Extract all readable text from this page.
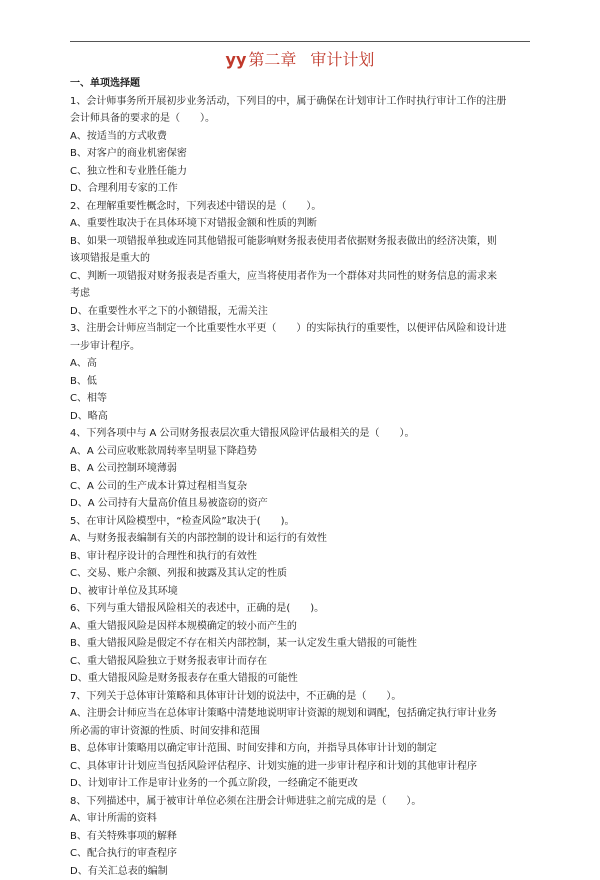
yy 第二章 审计计划
一、单项选择题
1、会计师事务所开展初步业务活动，下列目的中，属于确保在计划审计工作时执行审计工作的注册
会计师具备的要求的是（　　）。
A、按适当的方式收费
B、对客户的商业机密保密
C、独立性和专业胜任能力
D、合理利用专家的工作
2、在理解重要性概念时，下列表述中错误的是（　　）。
A、重要性取决于在具体环境下对错报金额和性质的判断
B、如果一项错报单独或连同其他错报可能影响财务报表使用者依据财务报表做出的经济决策，则
该项错报是重大的
C、判断一项错报对财务报表是否重大，应当将使用者作为一个群体对共同性的财务信息的需求来
考虑
D、在重要性水平之下的小额错报，无需关注
3、注册会计师应当制定一个比重要性水平更（　　）的实际执行的重要性，以便评估风险和设计进
一步审计程序。
A、高
B、低
C、相等
D、略高
4、下列各项中与 A 公司财务报表层次重大错报风险评估最相关的是（　　）。
A、A 公司应收账款周转率呈明显下降趋势
B、A 公司控制环境薄弱
C、A 公司的生产成本计算过程相当复杂
D、A 公司持有大量高价值且易被盗窃的资产
5、在审计风险模型中，“检查风险”取决于(　　)。
A、与财务报表编制有关的内部控制的设计和运行的有效性
B、审计程序设计的合理性和执行的有效性
C、交易、账户余额、列报和披露及其认定的性质
D、被审计单位及其环境
6、下列与重大错报风险相关的表述中，正确的是(　　)。
A、重大错报风险是因样本规模确定的较小而产生的
B、重大错报风险是假定不存在相关内部控制，某一认定发生重大错报的可能性
C、重大错报风险独立于财务报表审计而存在
D、重大错报风险是财务报表存在重大错报的可能性
7、下列关于总体审计策略和具体审计计划的说法中，不正确的是（　　）。
A、注册会计师应当在总体审计策略中清楚地说明审计资源的规划和调配，包括确定执行审计业务
所必需的审计资源的性质、时间安排和范围
B、总体审计策略用以确定审计范围、时间安排和方向，并指导具体审计计划的制定
C、具体审计计划应当包括风险评估程序、计划实施的进一步审计程序和计划的其他审计程序
D、计划审计工作是审计业务的一个孤立阶段，一经确定不能更改
8、下列描述中，属于被审计单位必须在注册会计师进驻之前完成的是（　　）。
A、审计所需的资料
B、有关特殊事项的解释
C、配合执行的审查程序
D、有关汇总表的编制
